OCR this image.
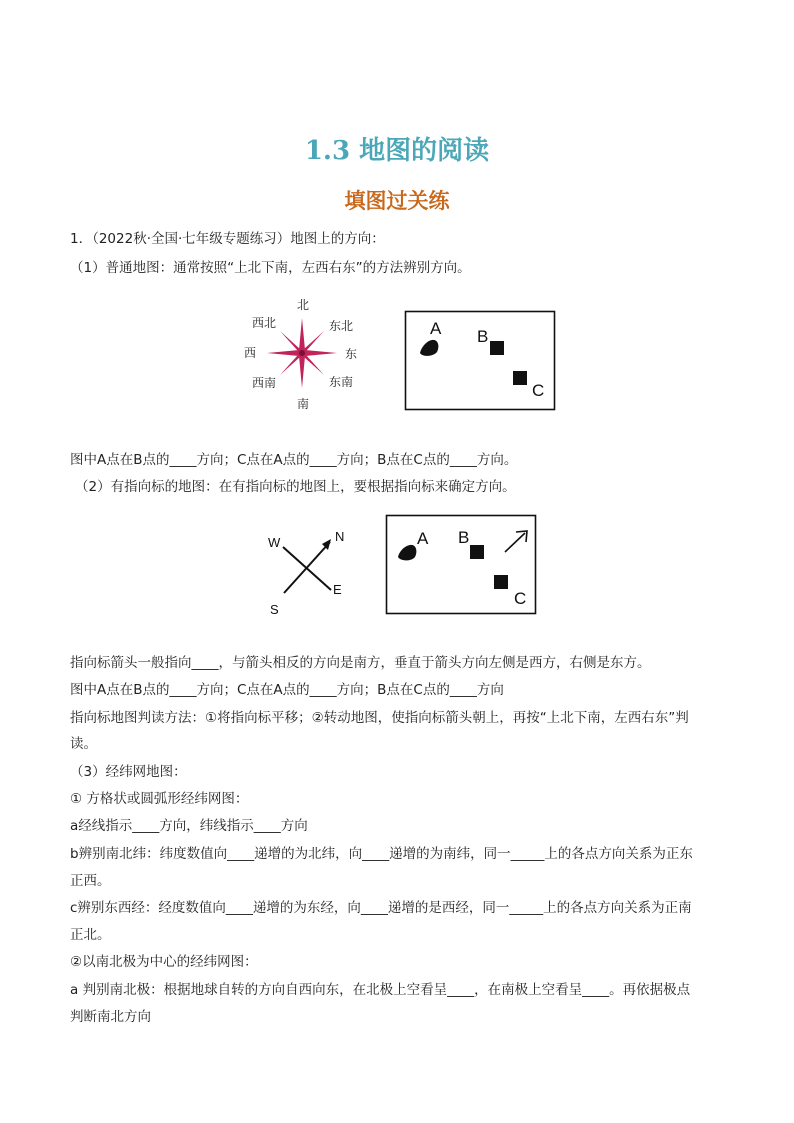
1.3 地图的阅读
填图过关练
1．（2022秋·全国·七年级专题练习）地图上的方向：
（1）普通地图：通常按照“上北下南，左西右东”的方法辨别方向。
北
南
东
西
东北
西北
东南
西南
A B
C
图中A点在B点的____方向；C点在A点的____方向；B点在C点的____方向。
（2）有指向标的地图：在有指向标的地图上，要根据指向标来确定方向。
W	N
E
S
A B
C
指向标箭头一般指向____，与箭头相反的方向是南方，垂直于箭头方向左侧是西方，右侧是东方。
图中A点在B点的____方向；C点在A点的____方向；B点在C点的____方向
指向标地图判读方法：①将指向标平移；②转动地图，使指向标箭头朝上，再按“上北下南，左西右东”判
读。
（3）经纬网地图：
① 方格状或圆弧形经纬网图：
a经线指示____方向，纬线指示____方向
b辨别南北纬：纬度数值向____递增的为北纬，向____递增的为南纬，同一_____上的各点方向关系为正东
正西。
c辨别东西经：经度数值向____递增的为东经，向____递增的是西经，同一_____上的各点方向关系为正南
正北。
②以南北极为中心的经纬网图：
a 判别南北极：根据地球自转的方向自西向东，在北极上空看呈____，在南极上空看呈____。再依据极点
判断南北方向
